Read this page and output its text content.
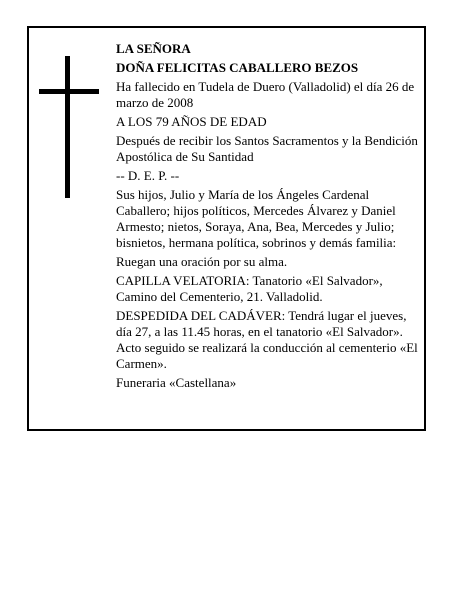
LA SEÑORA

DOÑA FELICITAS CABALLERO BEZOS

Ha fallecido en Tudela de Duero (Valladolid) el día 26 de marzo de 2008

A LOS 79 AÑOS DE EDAD

Después de recibir los Santos Sacramentos y la Bendición Apostólica de Su Santidad

-- D. E. P. --

Sus hijos, Julio y María de los Ángeles Cardenal Caballero; hijos políticos, Mercedes Álvarez y Daniel Armesto; nietos, Soraya, Ana, Bea, Mercedes y Julio; bisnietos, hermana política, sobrinos y demás familia:

Ruegan una oración por su alma.

CAPILLA VELATORIA: Tanatorio «El Salvador», Camino del Cementerio, 21. Valladolid.

DESPEDIDA DEL CADÁVER: Tendrá lugar el jueves, día 27, a las 11.45 horas, en el tanatorio «El Salvador». Acto seguido se realizará la conducción al cementerio «El Carmen».

Funeraria «Castellana»
